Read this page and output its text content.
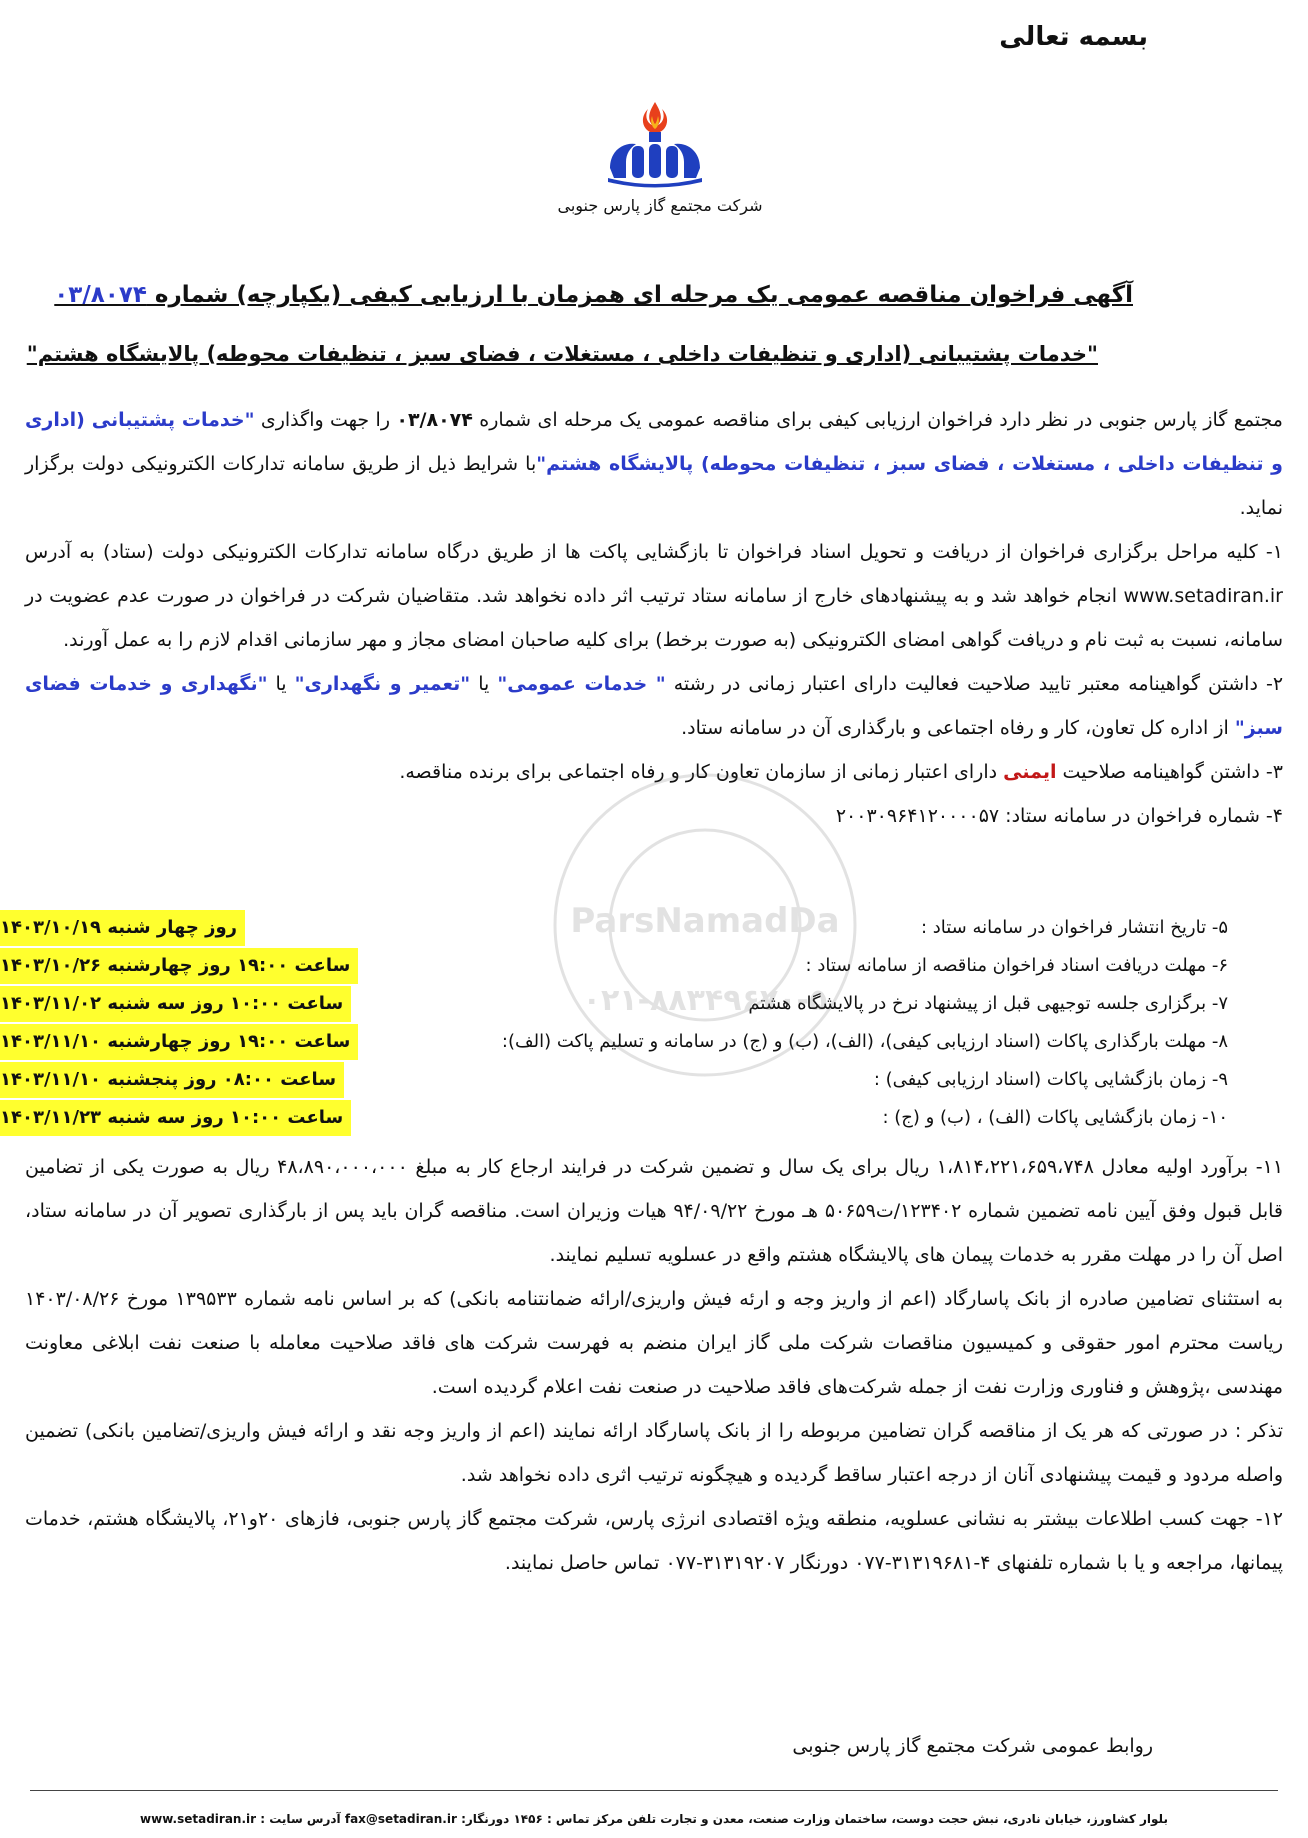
بسمه تعالی
شرکت مجتمع گاز پارس جنوبی
آگهی فراخوان مناقصه عمومی یک مرحله ای همزمان با ارزیابی کیفی (یکپارچه) شماره ۰۳/۸۰۷۴
"خدمات پشتیبانی (اداری و تنظیفات داخلی ، مستغلات ، فضای سبز ، تنظیفات محوطه) پالایشگاه هشتم"

مجتمع گاز پارس جنوبی در نظر دارد فراخوان ارزیابی کیفی برای مناقصه عمومی یک مرحله ای شماره ۰۳/۸۰۷۴ را جهت واگذاری "خدمات پشتیبانی (اداری و تنظیفات داخلی ، مستغلات ، فضای سبز ، تنظیفات محوطه) پالایشگاه هشتم"با شرایط ذیل از طریق سامانه تدارکات الکترونیکی دولت برگزار نماید.

۱- کلیه مراحل برگزاری فراخوان از دریافت و تحویل اسناد فراخوان تا بازگشایی پاکت ها از طریق درگاه سامانه تدارکات الکترونیکی دولت (ستاد) به آدرس www.setadiran.ir انجام خواهد شد و به پیشنهادهای خارج از سامانه ستاد ترتیب اثر داده نخواهد شد. متقاضیان شرکت در فراخوان در صورت عدم عضویت در سامانه، نسبت به ثبت نام و دریافت گواهی امضای الکترونیکی (به صورت برخط) برای کلیه صاحبان امضای مجاز و مهر سازمانی اقدام لازم را به عمل آورند.

۲- داشتن گواهینامه معتبر تایید صلاحیت فعالیت دارای اعتبار زمانی در رشته " خدمات عمومی" یا "تعمیر و نگهداری" یا "نگهداری و خدمات فضای سبز" از اداره کل تعاون، کار و رفاه اجتماعی و بارگذاری آن در سامانه ستاد.

۳- داشتن گواهینامه صلاحیت ایمنی دارای اعتبار زمانی از سازمان تعاون کار و رفاه اجتماعی برای برنده مناقصه.

۴- شماره فراخوان در سامانه ستاد: ۲۰۰۳۰۹۶۴۱۲۰۰۰۰۵۷

۵- تاریخ انتشار فراخوان در سامانه ستاد :
روز چهار شنبه ۱۴۰۳/۱۰/۱۹
۶- مهلت دریافت اسناد فراخوان مناقصه از سامانه ستاد :
ساعت ۱۹:۰۰ روز چهارشنبه ۱۴۰۳/۱۰/۲۶
۷- برگزاری جلسه توجیهی قبل از پیشنهاد نرخ در پالایشگاه هشتم
ساعت ۱۰:۰۰ روز سه شنبه ۱۴۰۳/۱۱/۰۲
۸- مهلت بارگذاری پاکات (اسناد ارزیابی کیفی)، (الف)، (ب) و (ج) در سامانه و تسلیم پاکت (الف):
ساعت ۱۹:۰۰ روز چهارشنبه ۱۴۰۳/۱۱/۱۰
۹- زمان بازگشایی پاکات (اسناد ارزیابی کیفی) :
ساعت ۰۸:۰۰ روز پنجشنبه ۱۴۰۳/۱۱/۱۰
۱۰- زمان بازگشایی پاکات (الف) ، (ب) و (ج) :
ساعت ۱۰:۰۰ روز سه شنبه ۱۴۰۳/۱۱/۲۳

۱۱- برآورد اولیه معادل ۱،۸۱۴،۲۲۱،۶۵۹،۷۴۸ ریال برای یک سال و تضمین شرکت در فرایند ارجاع کار به مبلغ ۴۸،۸۹۰،۰۰۰،۰۰۰ ریال به صورت یکی از تضامین قابل قبول وفق آیین نامه تضمین شماره ۱۲۳۴۰۲/ت۵۰۶۵۹ هـ مورخ ۹۴/۰۹/۲۲ هیات وزیران است. مناقصه گران باید پس از بارگذاری تصویر آن در سامانه ستاد، اصل آن را در مهلت مقرر به خدمات پیمان های پالایشگاه هشتم واقع در عسلویه تسلیم نمایند.

به استثنای تضامین صادره از بانک پاسارگاد (اعم از واریز وجه و ارئه فیش واریزی/ارائه ضمانتنامه بانکی) که بر اساس نامه شماره ۱۳۹۵۳۳ مورخ ۱۴۰۳/۰۸/۲۶ ریاست محترم امور حقوقی و کمیسیون مناقصات شرکت ملی گاز ایران منضم به فهرست شرکت های فاقد صلاحیت معامله با صنعت نفت ابلاغی معاونت مهندسی ،پژوهش و فناوری وزارت نفت از جمله شرکت‌های فاقد صلاحیت در صنعت نفت اعلام گردیده است.

تذکر : در صورتی که هر یک از مناقصه گران تضامین مربوطه را از بانک پاسارگاد ارائه نمایند (اعم از واریز وجه نقد و ارائه فیش واریزی/تضامین بانکی) تضمین واصله مردود و قیمت پیشنهادی آنان از درجه اعتبار ساقط گردیده و هیچگونه ترتیب اثری داده نخواهد شد.

۱۲- جهت کسب اطلاعات بیشتر به نشانی عسلویه، منطقه ویژه اقتصادی انرژی پارس، شرکت مجتمع گاز پارس جنوبی، فازهای ۲۰و۲۱، پالایشگاه هشتم، خدمات پیمانها، مراجعه و یا با شماره تلفنهای ۴-۳۱۳۱۹۶۸۱-۰۷۷ دورنگار ۳۱۳۱۹۲۰۷-۰۷۷ تماس حاصل نمایند.

روابط عمومی شرکت مجتمع گاز پارس جنوبی
بلوار کشاورز، خیابان نادری، نبش حجت دوست، ساختمان وزارت صنعت، معدن و تجارت تلفن مرکز تماس : ۱۴۵۶ دورنگار: fax@setadiran.ir آدرس سایت : www.setadiran.ir
ParsNamadDa
۰۲۱-۸۸۳۴۹۶۷۰-۵
